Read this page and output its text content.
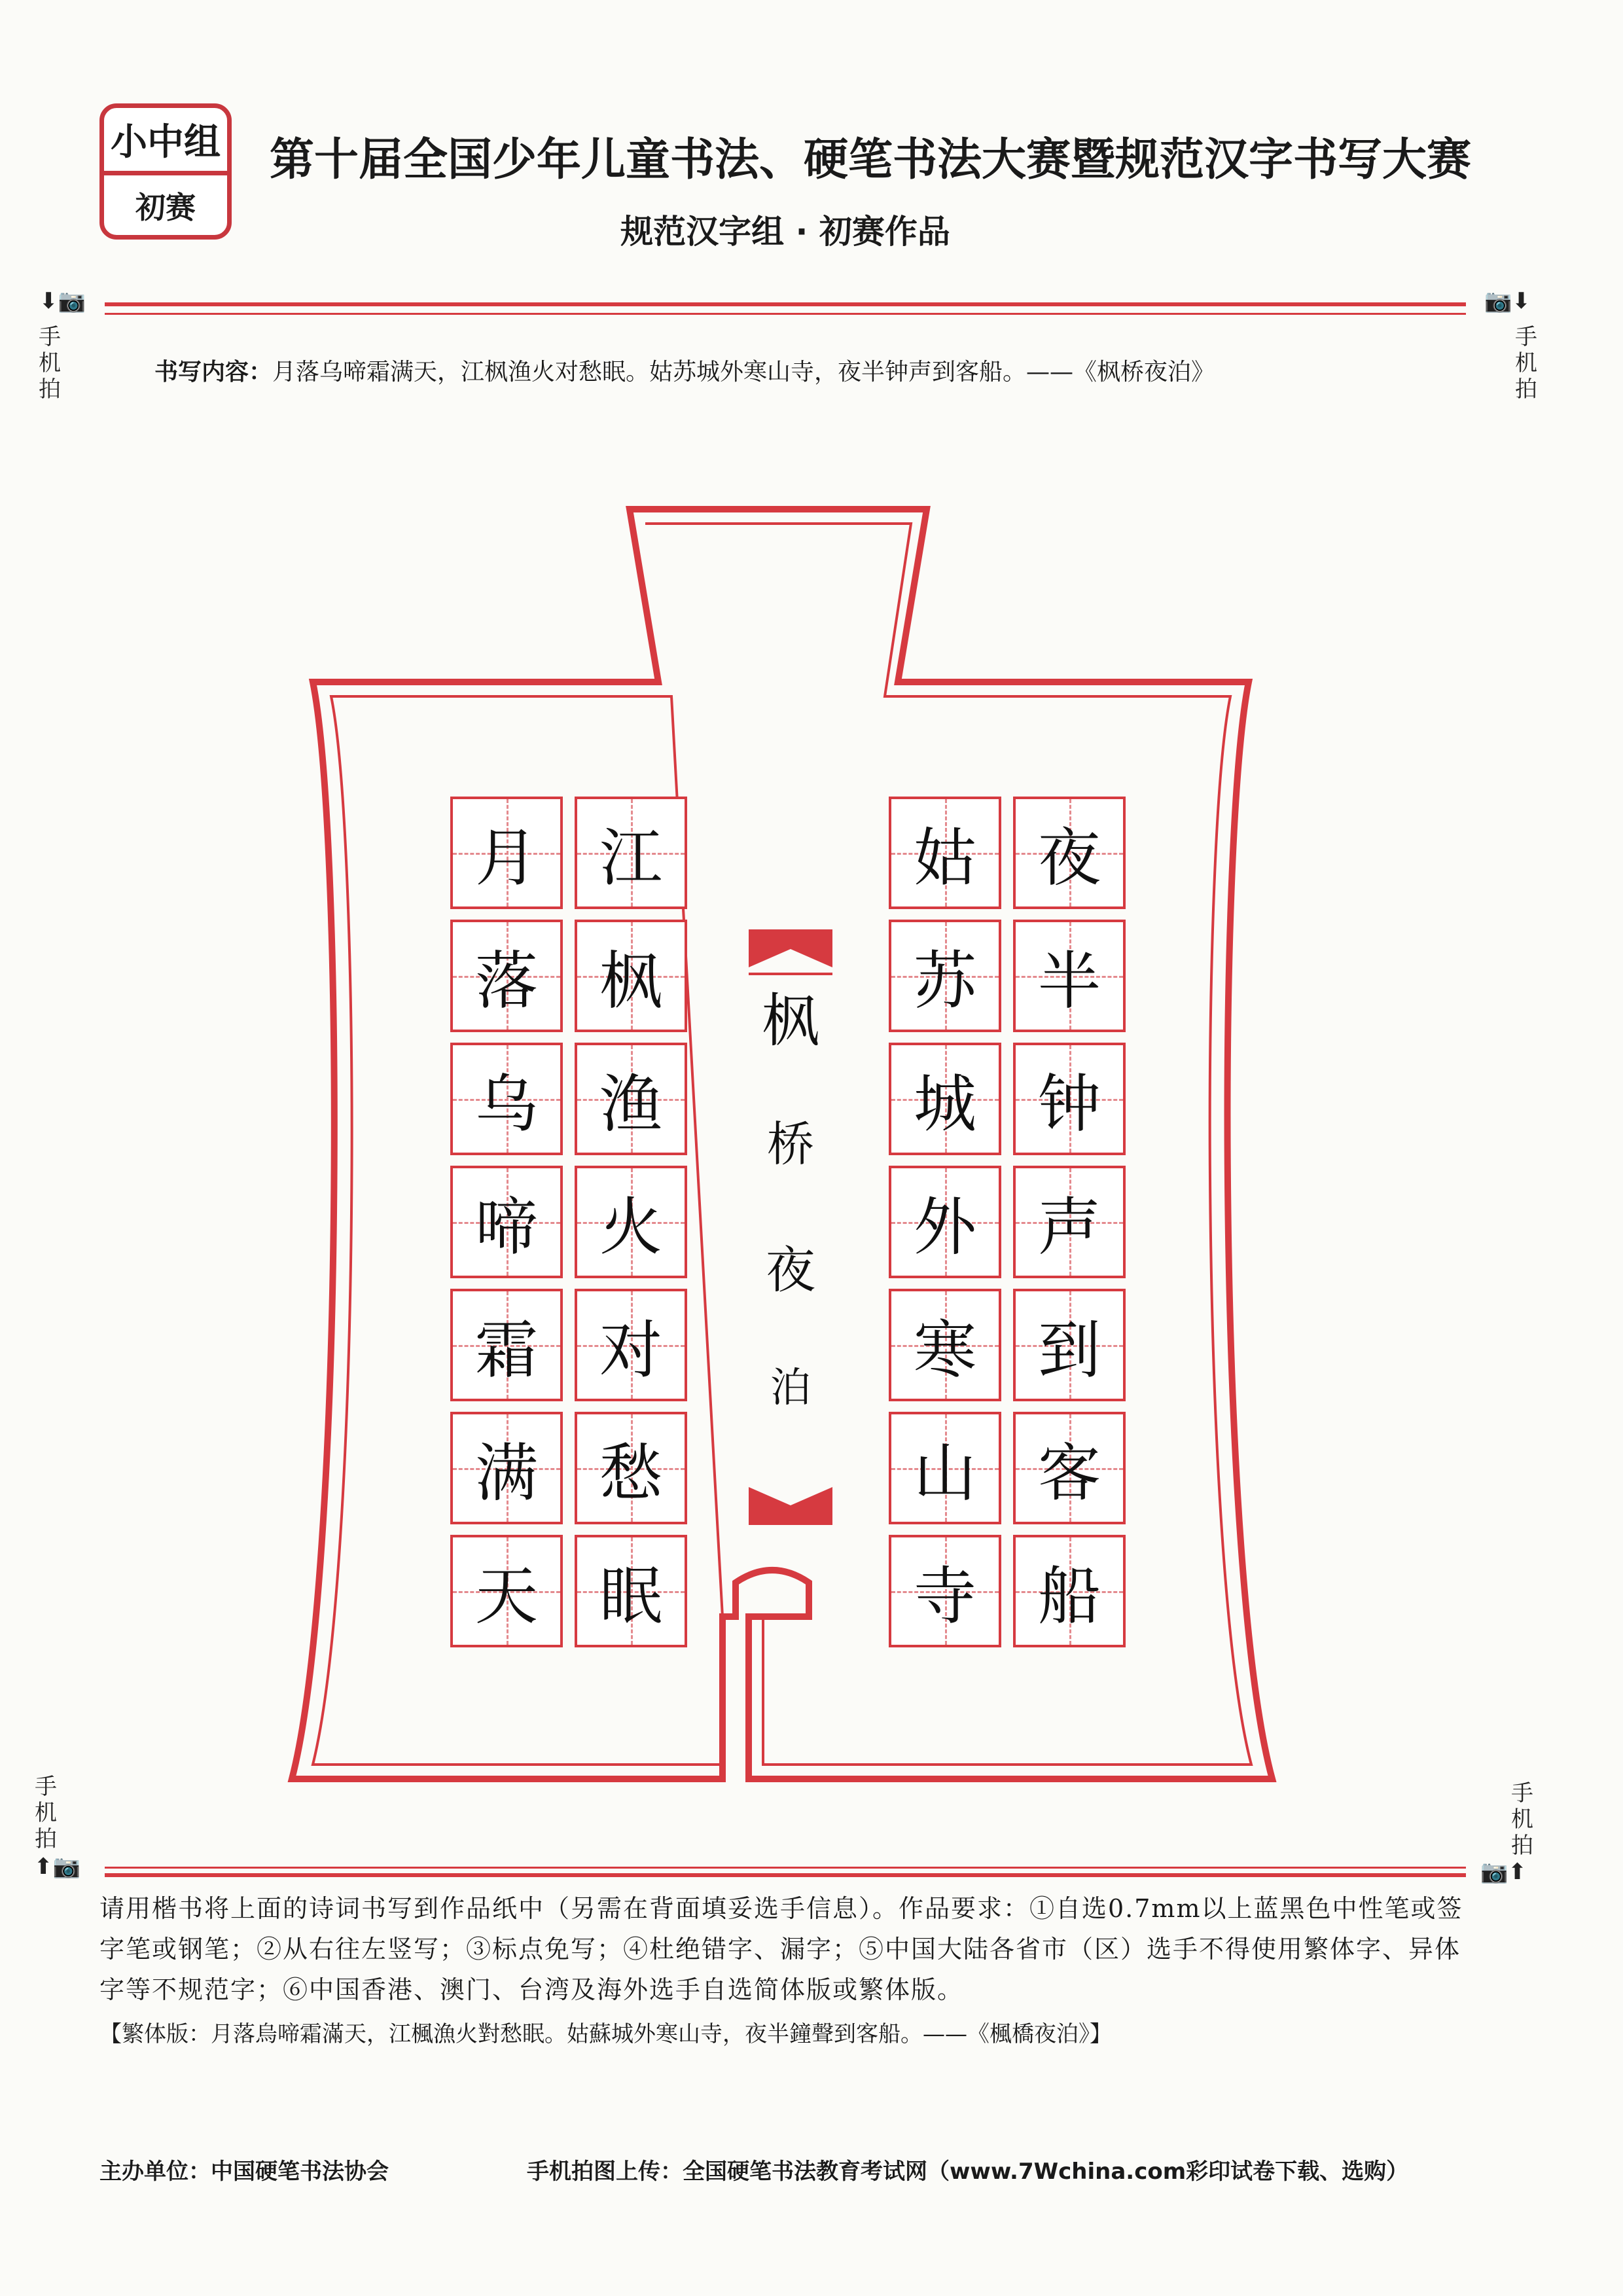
小中组
初赛
第十届全国少年儿童书法、硬笔书法大赛暨规范汉字书写大赛
规范汉字组 · 初赛作品
⬇📷
手
机
拍
📷⬇
手
机
拍
书写内容： 月落乌啼霜满天，江枫渔火对愁眠。姑苏城外寒山寺，夜半钟声到客船。——《枫桥夜泊》
夜
半
钟
声
到
客
船
姑
苏
城
外
寒
山
寺
江
枫
渔
火
对
愁
眠
月
落
乌
啼
霜
满
天
枫
桥
夜
泊
手
机
拍
⬆📷
手
机
拍
📷⬆
请用楷书将上面的诗词书写到作品纸中（另需在背面填妥选手信息）。作品要求：①自选0.7mm以上蓝黑色中性笔或签字笔或钢笔；②从右往左竖写；③标点免写；④杜绝错字、漏字；⑤中国大陆各省市（区）选手不得使用繁体字、异体字等不规范字；⑥中国香港、澳门、台湾及海外选手自选简体版或繁体版。
【繁体版：月落烏啼霜滿天，江楓漁火對愁眠。姑蘇城外寒山寺，夜半鐘聲到客船。——《楓橋夜泊》】
主办单位：中国硬笔书法协会	手机拍图上传：全国硬笔书法教育考试网（www.7Wchina.com彩印试卷下载、选购）
